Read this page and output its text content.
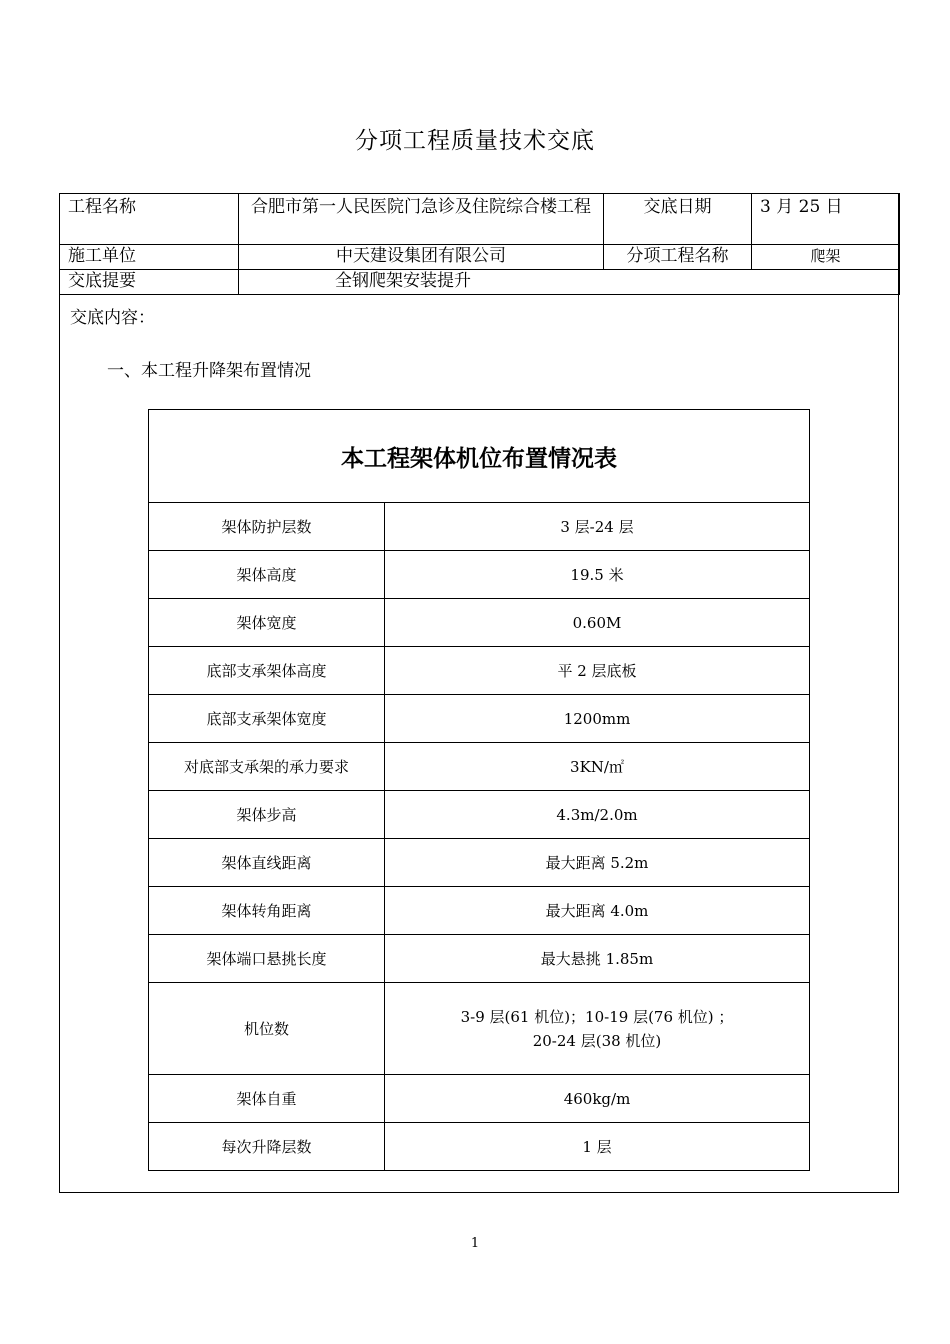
分项工程质量技术交底
工程名称	合肥市第一人民医院门急诊及住院综合楼工程	交底日期	3 月 25 日
施工单位	中天建设集团有限公司	分项工程名称	爬架
交底提要	全钢爬架安装提升		
交底内容：
一、本工程升降架布置情况
本工程架体机位布置情况表	
架体防护层数	3 层-24 层
架体高度	19.5 米
架体宽度	0.60M
底部支承架体高度	平 2 层底板
底部支承架体宽度	1200mm
对底部支承架的承力要求	3KN/㎡
架体步高	4.3m/2.0m
架体直线距离	最大距离 5.2m
架体转角距离	最大距离 4.0m
架体端口悬挑长度	最大悬挑 1.85m
机位数	3-9 层(61 机位)；10-19 层(76 机位) ；
20-24 层(38 机位)

架体自重	460kg/m
每次升降层数	1 层
1
